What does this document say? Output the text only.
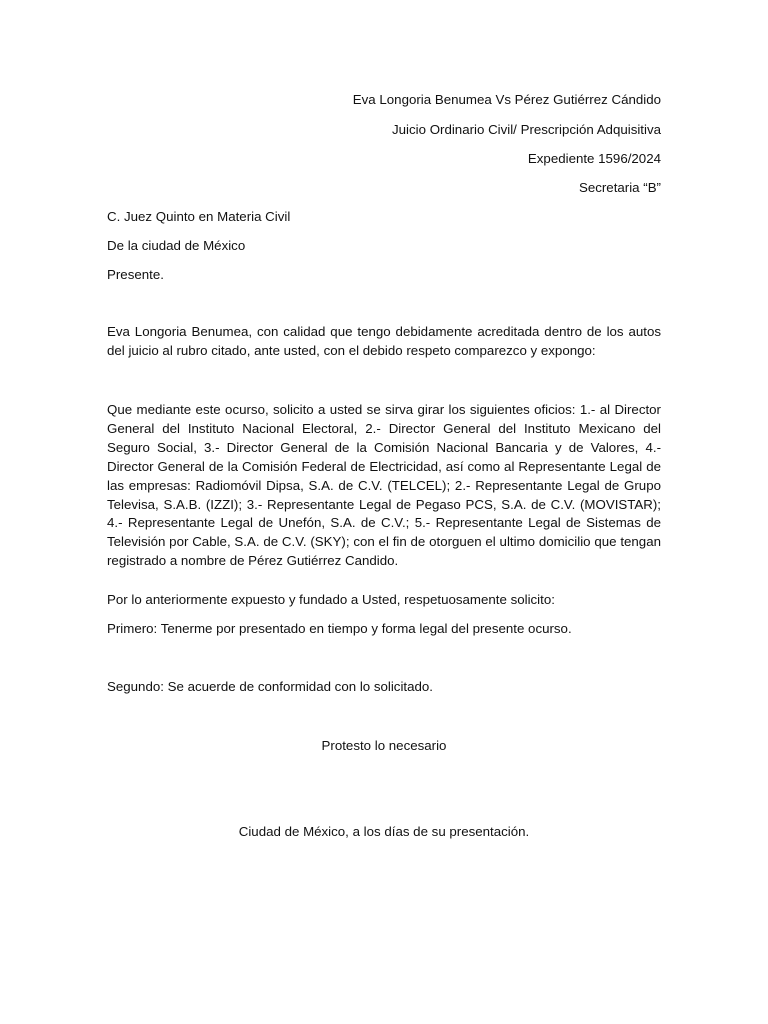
Eva Longoria Benumea Vs Pérez Gutiérrez Cándido
Juicio Ordinario Civil/ Prescripción Adquisitiva
Expediente 1596/2024
Secretaria “B”
C. Juez Quinto en Materia Civil
De la ciudad de México
Presente.

Eva Longoria Benumea, con calidad que tengo debidamente acreditada dentro de los autos del juicio al rubro citado, ante usted, con el debido respeto comparezco y expongo:

Que mediante este ocurso, solicito a usted se sirva girar los siguientes oficios: 1.- al Director General del Instituto Nacional Electoral, 2.- Director General del Instituto Mexicano del Seguro Social, 3.- Director General de la Comisión Nacional Bancaria y de Valores, 4.- Director General de la Comisión Federal de Electricidad, así como al Representante Legal de las empresas: Radiomóvil Dipsa, S.A. de C.V. (TELCEL); 2.- Representante Legal de Grupo Televisa, S.A.B. (IZZI); 3.- Representante Legal de Pegaso PCS, S.A. de C.V. (MOVISTAR); 4.- Representante Legal de Unefón, S.A. de C.V.; 5.- Representante Legal de Sistemas de Televisión por Cable, S.A. de C.V. (SKY); con el fin de otorguen el ultimo domicilio que tengan registrado a nombre de Pérez Gutiérrez Candido.

Por lo anteriormente expuesto y fundado a Usted, respetuosamente solicito:
Primero: Tenerme por presentado en tiempo y forma legal del presente ocurso.
Segundo: Se acuerde de conformidad con lo solicitado.
Protesto lo necesario
Ciudad de México, a los días de su presentación.
